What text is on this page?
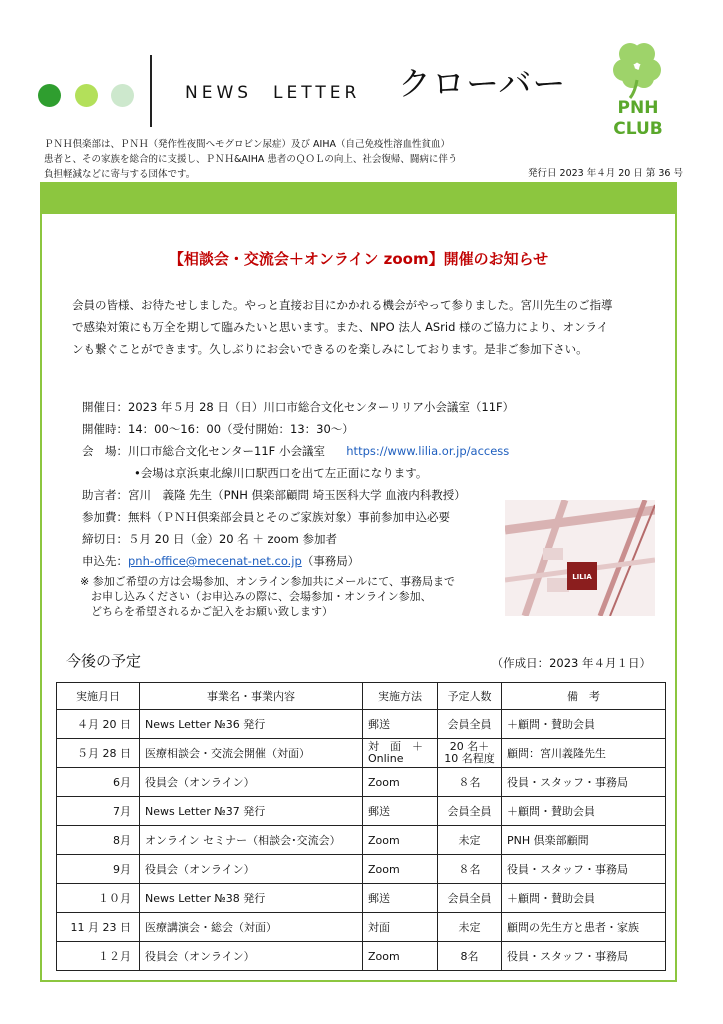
NEWS　LETTER クローバー
PNH
CLUB
ＰＮＨ倶楽部は、ＰＮＨ（発作性夜間へモグロビン尿症）及び AIHA（自己免疫性溶血性貧血）
患者と、その家族を総合的に支援し、ＰＮＨ&AIHA 患者のＱＯＬの向上、社会復帰、闘病に伴う
負担軽減などに寄与する団体です。	発行日 2023 年４月 20 日 第 36 号
【相談会・交流会＋オンライン zoom】開催のお知らせ
会員の皆様、お待たせしました。やっと直接お目にかかれる機会がやって参りました。宮川先生のご指導
で感染対策にも万全を期して臨みたいと思います。また、NPO 法人 ASrid 様のご協力により、オンライ
ンも繋ぐことができます。久しぶりにお会いできるのを楽しみにしております。是非ご参加下さい。
開催日：2023 年５月 28 日（日）川口市総合文化センターリリア小会議室（11F）
開催時：14：00～16：00（受付開始：13：30～）
会　場：川口市総合文化センター11F 小会議室 https://www.lilia.or.jp/access
•会場は京浜東北線川口駅西口を出て左正面になります。
助言者：宮川　義隆 先生（PNH 倶楽部顧問 埼玉医科大学 血液内科教授）
参加費：無料（ＰＮＨ倶楽部会員とそのご家族対象）事前参加申込必要
締切日：５月 20 日（金）20 名 ＋ zoom 参加者
申込先：pnh-office@mecenat-net.co.jp（事務局）
※ 参加ご希望の方は会場参加、オンライン参加共にメールにて、事務局まで
　お申し込みください（お申込みの際に、会場参加・オンライン参加、
　どちらを希望されるかご記入をお願い致します）
LILIA
今後の予定	（作成日：2023 年４月１日）
実施月日	事業名・事業内容	実施方法	予定人数	備　考
４月 20 日	News Letter №36 発行	郵送	会員全員	＋顧問・賛助会員
５月 28 日	医療相談会・交流会開催（対面）	対　面　＋ Online	20 名＋ 10 名程度	顧問：宮川義隆先生
6月	役員会（オンライン）	Zoom	８名	役員・スタッフ・事務局
7月	News Letter №37 発行	郵送	会員全員	＋顧問・賛助会員
8月	オンライン セミナー（相談会･交流会）	Zoom	未定	PNH 倶楽部顧問
9月	役員会（オンライン）	Zoom	８名	役員・スタッフ・事務局
１０月	News Letter №38 発行	郵送	会員全員	＋顧問・賛助会員
11 月 23 日	医療講演会・総会（対面）	対面	未定	顧問の先生方と患者・家族
１２月	役員会（オンライン）	Zoom	8名	役員・スタッフ・事務局
